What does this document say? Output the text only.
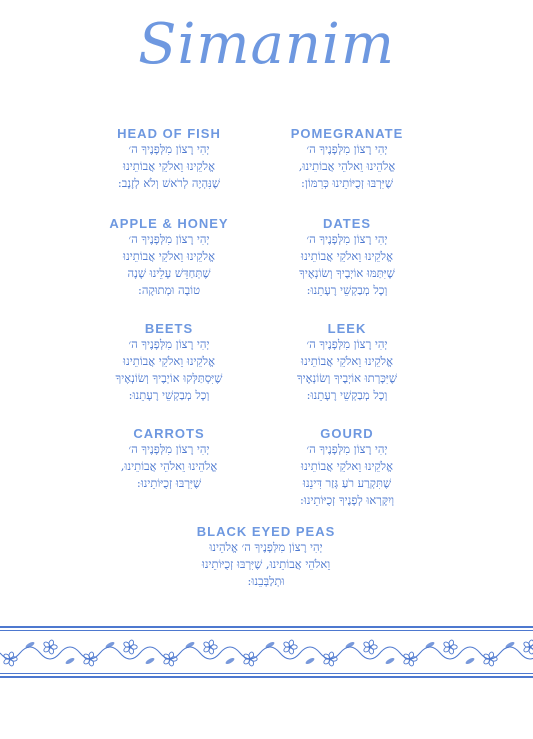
Simanim
POMEGRANATE
יְהִי רָצוֹן מִלְּפָנֶיךָ ה׳
אֱלֹהֵינוּ וֵאלֹהֵי אֲבוֹתֵינוּ,
שֶׁיִּרְבּוּ זְכֻיּוֹתֵינוּ כְּרִמּוֹן:
HEAD OF FISH
יְהִי רָצוֹן מִלְּפָנֶיךָ ה׳
אֱלֹקֵינוּ וֵאלֹקֵי אֲבוֹתֵינוּ
שֶׁנִּהְיֶה לְרֹאשׁ וְלֹא לְזָנָב:
DATES
יְהִי רָצוֹן מִלְּפָנֶיךָ ה׳
אֱלֹקֵינוּ וֵאלֹקֵי אֲבוֹתֵינוּ
שֶׁיִּתַּמּוּ אוֹיְבֶיךָ וְשׂוֹנְאֶיךָ
וְכָל מְבַקְשֵׁי רָעָתֵנוּ:
APPLE & HONEY
יְהִי רָצוֹן מִלְּפָנֶיךָ ה׳
אֱלֹקֵינוּ וֵאלֹקֵי אֲבוֹתֵינוּ
שֶׁתְּחַדֵּשׁ עָלֵינוּ שָׁנָה
טוֹבָה וּמְתוּקָה:
LEEK
יְהִי רָצוֹן מִלְּפָנֶיךָ ה׳
אֱלֹקֵינוּ וֵאלֹקֵי אֲבוֹתֵינוּ
שֶׁיִּכָּרְתוּ אוֹיְבֶיךָ וְשׂוֹנְאֶיךָ
וְכָל מְבַקְשֵׁי רָעָתֵנוּ:
BEETS
יְהִי רָצוֹן מִלְּפָנֶיךָ ה׳
אֱלֹקֵינוּ וֵאלֹקֵי אֲבוֹתֵינוּ
שֶׁיִּסְתַּלְּקוּ אוֹיְבֶיךָ וְשׂוֹנְאֶיךָ
וְכָל מְבַקְשֵׁי רָעָתֵנוּ:
GOURD
יְהִי רָצוֹן מִלְּפָנֶיךָ ה׳
אֱלֹקֵינוּ וֵאלֹקֵי אֲבוֹתֵינוּ
שֶׁתִּקְרַע רֹעַ גְּזַר דִּינֵנוּ
וְיִקָּרְאוּ לְפָנֶיךָ זְכֻיּוֹתֵינוּ:
CARROTS
יְהִי רָצוֹן מִלְּפָנֶיךָ ה׳
אֱלֹהֵינוּ וֵאלֹהֵי אֲבוֹתֵינוּ,
שֶׁיִּרְבּוּ זְכֻיּוֹתֵינוּ:
BLACK EYED PEAS
יְהִי רָצוֹן מִלְּפָנֶיךָ ה׳ אֱלֹהֵינוּ
וֵאלֹהֵי אֲבוֹתֵינוּ, שֶׁיִּרְבּוּ זְכֻיּוֹתֵינוּ
וּתְלַבְּבֵנוּ:
